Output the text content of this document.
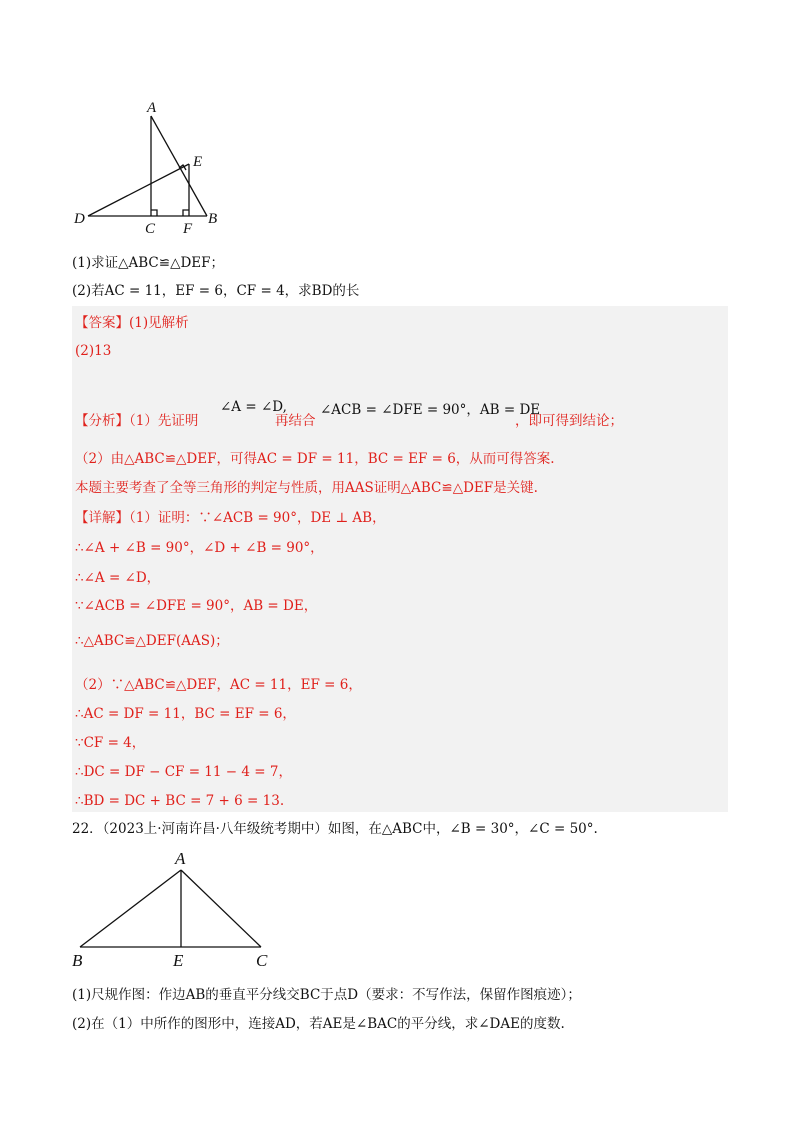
A
E
D
C F
B
(1)求证△ABC≌△DEF；
(2)若AC = 11，EF = 6，CF = 4，求BD的长
【答案】(1)见解析
(2)13
【分析】（1）先证明
∠A = ∠D,
再结合
∠ACB = ∠DFE = 90°，AB = DE
，即可得到结论；
（2）由△ABC≌△DEF，可得AC = DF = 11，BC = EF = 6，从而可得答案.
本题主要考查了全等三角形的判定与性质，用AAS证明△ABC≌△DEF是关键.
【详解】（1）证明：∵∠ACB = 90°，DE ⊥ AB，
∴∠A + ∠B = 90°，∠D + ∠B = 90°，
∴∠A = ∠D，
∵∠ACB = ∠DFE = 90°，AB = DE，
∴△ABC≌△DEF(AAS)；
（2）∵△ABC≌△DEF，AC = 11，EF = 6，
∴AC = DF = 11，BC = EF = 6，
∵CF = 4，
∴DC = DF − CF = 11 − 4 = 7，
∴BD = DC + BC = 7 + 6 = 13.
22．（2023上·河南许昌·八年级统考期中）如图，在△ABC中，∠B = 30°，∠C = 50°.
A
B	E	C
(1)尺规作图：作边AB的垂直平分线交BC于点D（要求：不写作法，保留作图痕迹）；
(2)在（1）中所作的图形中，连接AD，若AE是∠BAC的平分线，求∠DAE的度数.
